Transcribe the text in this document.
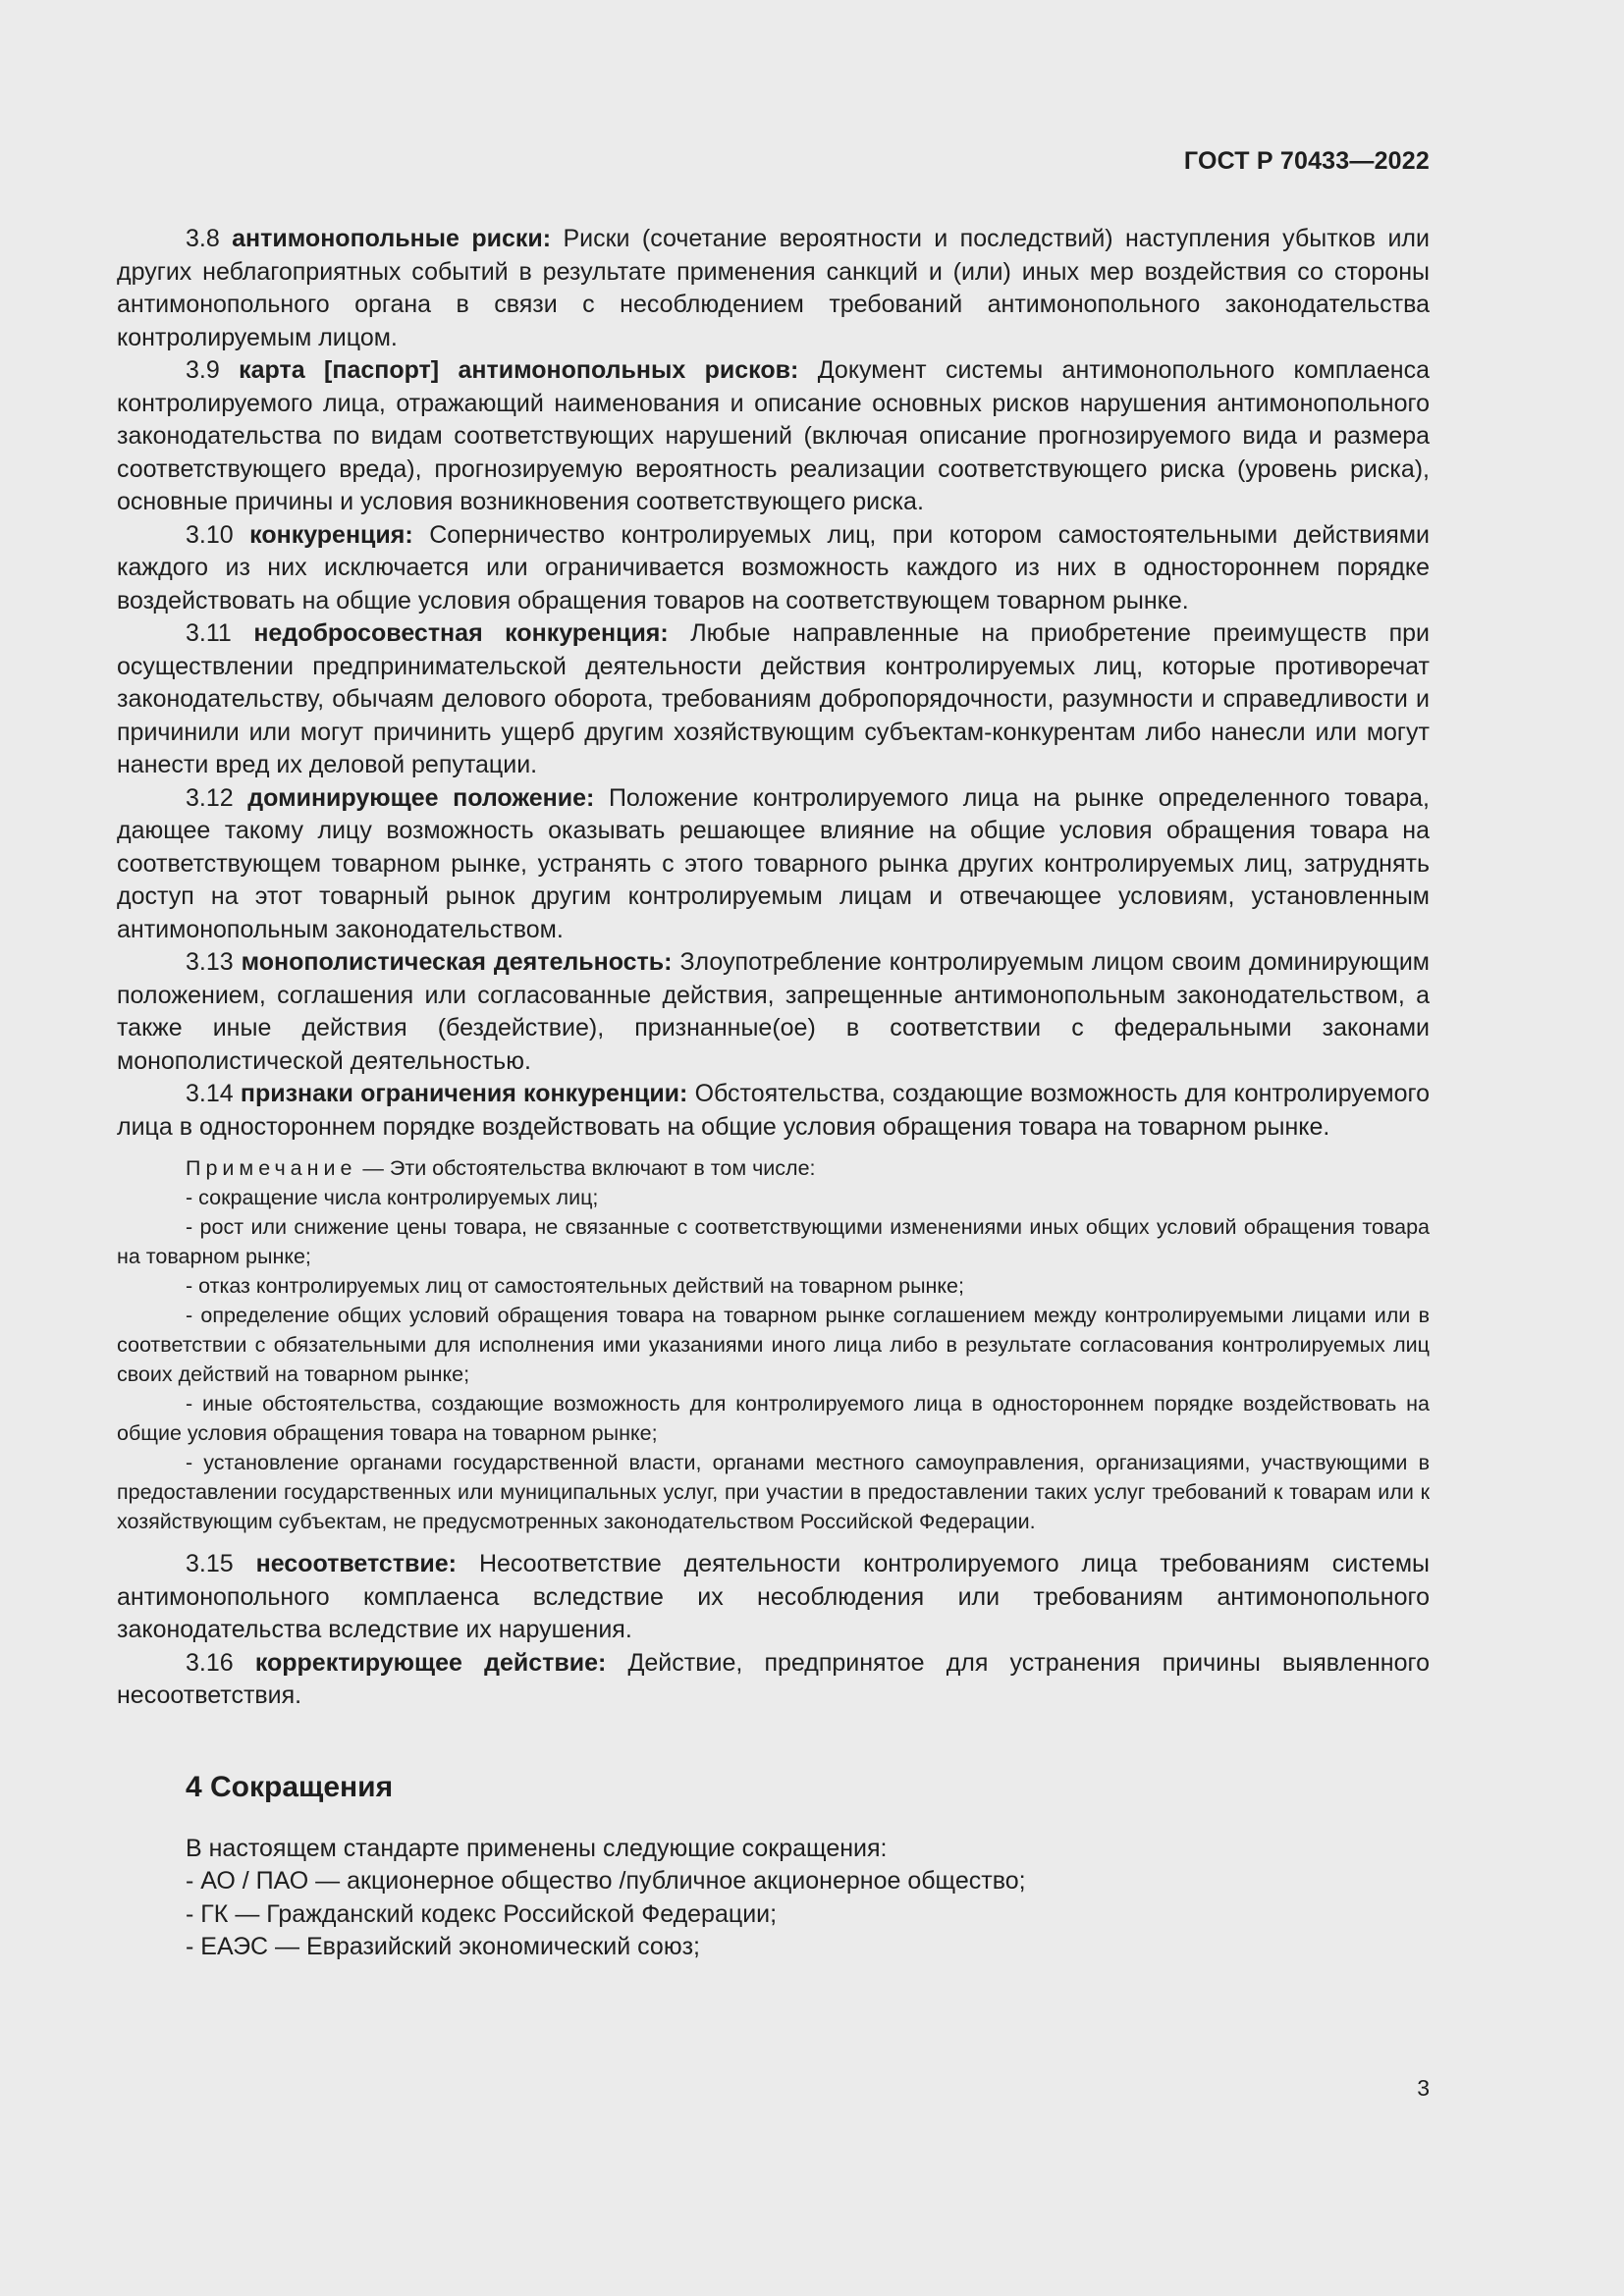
ГОСТ Р 70433—2022

3.8 антимонопольные риски: Риски (сочетание вероятности и последствий) наступления убытков или других неблагоприятных событий в результате применения санкций и (или) иных мер воздействия со стороны антимонопольного органа в связи с несоблюдением требований антимонопольного законодательства контролируемым лицом.

3.9 карта [паспорт] антимонопольных рисков: Документ системы антимонопольного комплаенса контролируемого лица, отражающий наименования и описание основных рисков нарушения антимонопольного законодательства по видам соответствующих нарушений (включая описание прогнозируемого вида и размера соответствующего вреда), прогнозируемую вероятность реализации соответствующего риска (уровень риска), основные причины и условия возникновения соответствующего риска.

3.10 конкуренция: Соперничество контролируемых лиц, при котором самостоятельными действиями каждого из них исключается или ограничивается возможность каждого из них в одностороннем порядке воздействовать на общие условия обращения товаров на соответствующем товарном рынке.

3.11 недобросовестная конкуренция: Любые направленные на приобретение преимуществ при осуществлении предпринимательской деятельности действия контролируемых лиц, которые противоречат законодательству, обычаям делового оборота, требованиям добропорядочности, разумности и справедливости и причинили или могут причинить ущерб другим хозяйствующим субъектам-конкурентам либо нанесли или могут нанести вред их деловой репутации.

3.12 доминирующее положение: Положение контролируемого лица на рынке определенного товара, дающее такому лицу возможность оказывать решающее влияние на общие условия обращения товара на соответствующем товарном рынке, устранять с этого товарного рынка других контролируемых лиц, затруднять доступ на этот товарный рынок другим контролируемым лицам и отвечающее условиям, установленным антимонопольным законодательством.

3.13 монополистическая деятельность: Злоупотребление контролируемым лицом своим доминирующим положением, соглашения или согласованные действия, запрещенные антимонопольным законодательством, а также иные действия (бездействие), признанные(ое) в соответствии с федеральными законами монополистической деятельностью.

3.14 признаки ограничения конкуренции: Обстоятельства, создающие возможность для контролируемого лица в одностороннем порядке воздействовать на общие условия обращения товара на товарном рынке.

Примечание — Эти обстоятельства включают в том числе:

- сокращение числа контролируемых лиц;

- рост или снижение цены товара, не связанные с соответствующими изменениями иных общих условий обращения товара на товарном рынке;

- отказ контролируемых лиц от самостоятельных действий на товарном рынке;

- определение общих условий обращения товара на товарном рынке соглашением между контролируемыми лицами или в соответствии с обязательными для исполнения ими указаниями иного лица либо в результате согласования контролируемых лиц своих действий на товарном рынке;

- иные обстоятельства, создающие возможность для контролируемого лица в одностороннем порядке воздействовать на общие условия обращения товара на товарном рынке;

- установление органами государственной власти, органами местного самоуправления, организациями, участвующими в предоставлении государственных или муниципальных услуг, при участии в предоставлении таких услуг требований к товарам или к хозяйствующим субъектам, не предусмотренных законодательством Российской Федерации.

3.15 несоответствие: Несоответствие деятельности контролируемого лица требованиям системы антимонопольного комплаенса вследствие их несоблюдения или требованиям антимонопольного законодательства вследствие их нарушения.

3.16 корректирующее действие: Действие, предпринятое для устранения причины выявленного несоответствия.

4 Сокращения

В настоящем стандарте применены следующие сокращения:

- АО / ПАО — акционерное общество /публичное акционерное общество;

- ГК — Гражданский кодекс Российской Федерации;

- ЕАЭС — Евразийский экономический союз;

3
